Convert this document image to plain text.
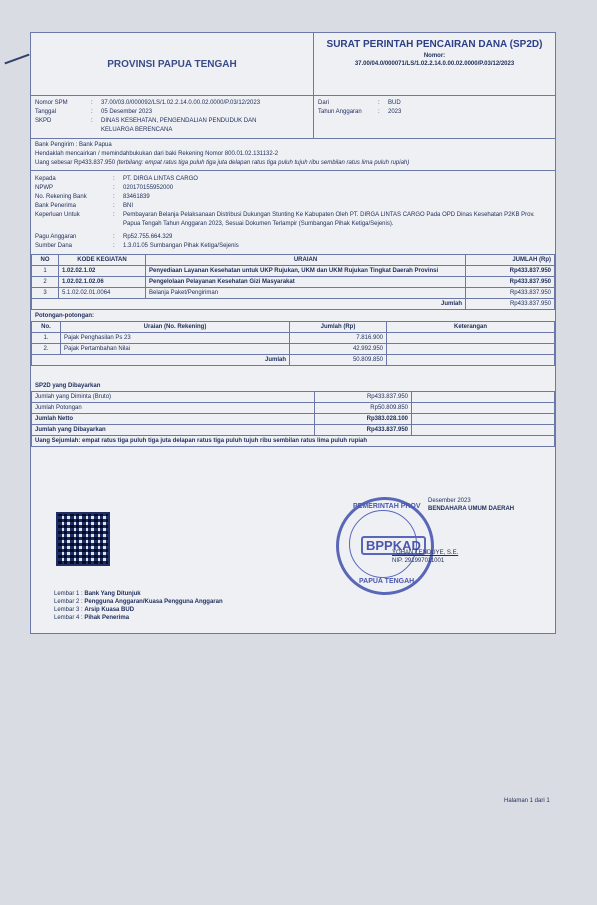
PROVINSI PAPUA TENGAH
SURAT PERINTAH PENCAIRAN DANA (SP2D)
Nomor:
37.00/04.0/000071/LS/1.02.2.14.0.00.02.0000/P.03/12/2023
Nomor SPM	:	37.00/03.0/000092/LS/1.02.2.14.0.00.02.0000/P.03/12/2023
Tanggal	:	05 Desember 2023
SKPD	:	DINAS KESEHATAN, PENGENDALIAN PENDUDUK DAN KELUARGA BERENCANA
Dari	:	BUD
Tahun Anggaran	:	2023
Bank Pengirim : Bank Papua
Hendaklah mencairkan / memindahbukukan dari baki Rekening Nomor 800.01.02.131132-2
Uang sebesar Rp433.837.950 (terbilang: empat ratus tiga puluh tiga juta delapan ratus tiga puluh tujuh ribu sembilan ratus lima puluh rupiah)
Kepada	:	PT. DIRGA LINTAS CARGO
NPWP	:	020170155952000
No. Rekening Bank	:	83461839
Bank Penerima	:	BNI
Keperluan Untuk	:	Pembayaran Belanja Pelaksanaan Distribusi Dukungan Stunting Ke Kabupaten Oleh PT. DIRGA LINTAS CARGO Pada OPD Dinas Kesehatan P2KB Prov. Papua Tengah Tahun Anggaran 2023, Sesuai Dokumen Terlampir (Sumbangan Pihak Ketiga/Sejenis).
Pagu Anggaran	:	Rp52.755.664.329
Sumber Dana	:	1.3.01.05 Sumbangan Pihak Ketiga/Sejenis
NO	KODE KEGIATAN	URAIAN	JUMLAH (Rp)
1	1.02.02.1.02	Penyediaan Layanan Kesehatan untuk UKP Rujukan, UKM dan UKM Rujukan Tingkat Daerah Provinsi	Rp433.837.950
2	1.02.02.1.02.06	Pengelolaan Pelayanan Kesehatan Gizi Masyarakat	Rp433.837.950
3	5.1.02.02.01.0064	Belanja Paket/Pengiriman	Rp433.837.950
Jumlah			Rp433.837.950
Potongan-potongan:
No.	Uraian (No. Rekening)	Jumlah (Rp)	Keterangan
1.	Pajak Penghasilan Ps 23	7.816.900	
2.	Pajak Pertambahan Nilai	42.992.950	
Jumlah		50.809.850	
SP2D yang Dibayarkan
Jumlah yang Diminta (Bruto)	Rp433.837.950	
Jumlah Potongan	Rp50.809.850	
Jumlah Netto	Rp383.028.100	
Jumlah yang Dibayarkan	Rp433.837.950	
Uang Sejumlah: empat ratus tiga puluh tiga juta delapan ratus tiga puluh tujuh ribu sembilan ratus lima puluh rupiah		
PEMERINTAH PROV
BPPKAD
PAPUA TENGAH
Desember 2023
BENDAHARA UMUM DAERAH
YOHAN TENDUYE, S.E.
NIP. 291997011001
Lembar 1 : Bank Yang Ditunjuk
Lembar 2 : Pengguna Anggaran/Kuasa Pengguna Anggaran
Lembar 3 : Arsip Kuasa BUD
Lembar 4 : Pihak Penerima
Halaman 1 dari 1
